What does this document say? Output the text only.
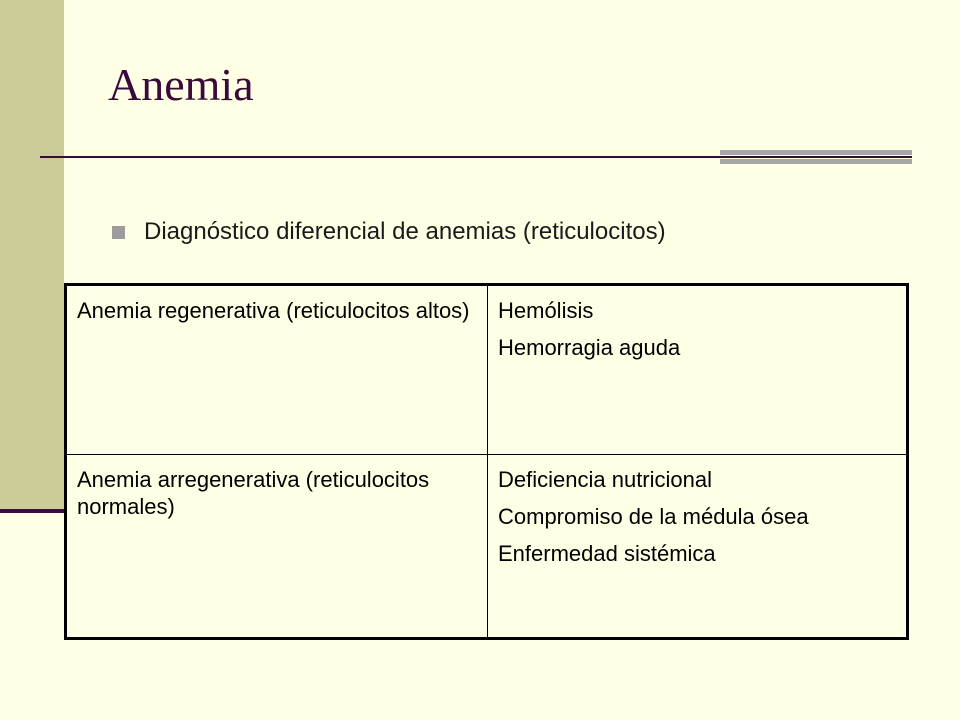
Anemia
Diagnóstico diferencial de anemias (reticulocitos)
Anemia regenerativa (reticulocitos altos)	Hemólisis
Hemorragia aguda

Anemia arregenerativa (reticulocitos normales)	Deficiencia nutricional
Compromiso de la médula ósea
Enfermedad sistémica
